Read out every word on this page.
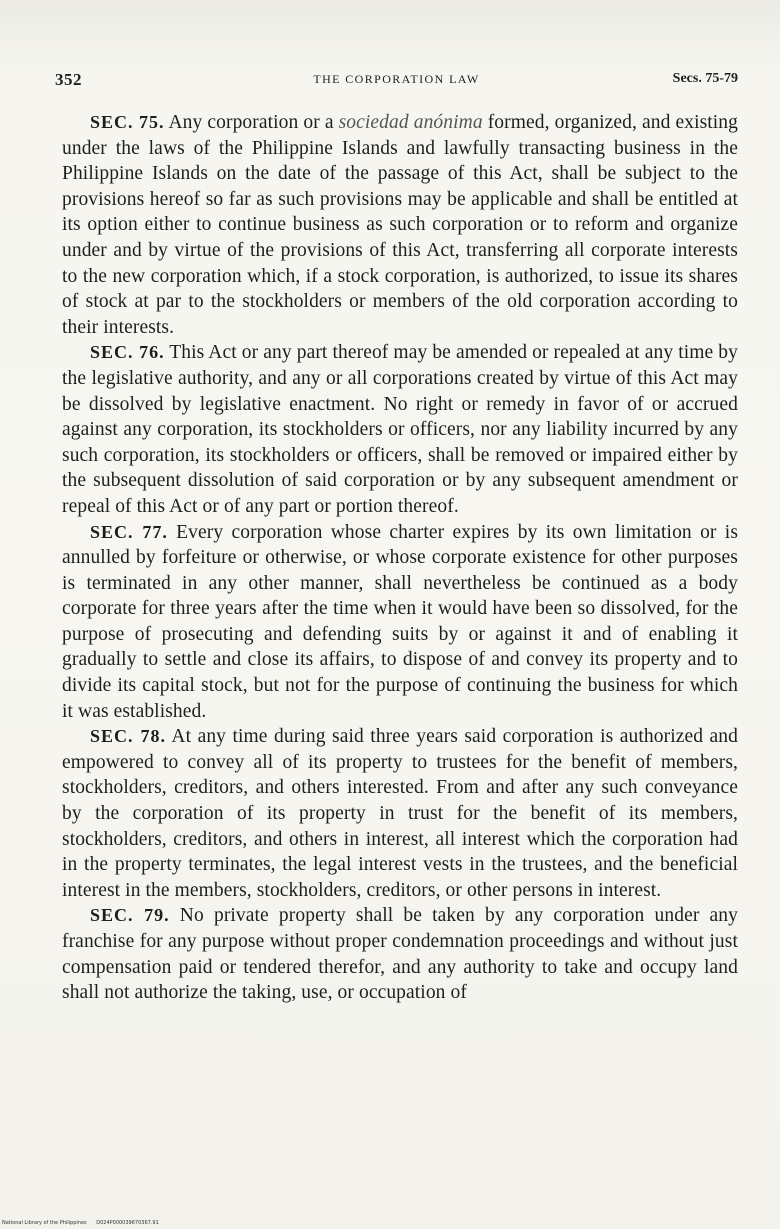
352	THE CORPORATION LAW	Secs. 75-79

SEC. 75. Any corporation or a sociedad anónima formed, organized, and existing under the laws of the Philippine Islands and lawfully transacting business in the Philippine Islands on the date of the passage of this Act, shall be subject to the provisions hereof so far as such provisions may be applicable and shall be entitled at its option either to continue business as such corporation or to reform and organize under and by virtue of the provisions of this Act, transferring all corporate interests to the new corporation which, if a stock corporation, is authorized, to issue its shares of stock at par to the stockholders or members of the old corporation according to their interests.

SEC. 76. This Act or any part thereof may be amended or repealed at any time by the legislative authority, and any or all corporations created by virtue of this Act may be dissolved by legislative enactment. No right or remedy in favor of or accrued against any corporation, its stockholders or officers, nor any liability incurred by any such corporation, its stockholders or officers, shall be removed or impaired either by the subsequent dissolution of said corporation or by any subsequent amendment or repeal of this Act or of any part or portion thereof.

SEC. 77. Every corporation whose charter expires by its own limitation or is annulled by forfeiture or otherwise, or whose corporate existence for other purposes is terminated in any other manner, shall nevertheless be continued as a body corporate for three years after the time when it would have been so dissolved, for the purpose of prosecuting and defending suits by or against it and of enabling it gradually to settle and close its affairs, to dispose of and convey its property and to divide its capital stock, but not for the purpose of continuing the business for which it was established.

SEC. 78. At any time during said three years said corporation is authorized and empowered to convey all of its property to trustees for the benefit of members, stockholders, creditors, and others interested. From and after any such conveyance by the corporation of its property in trust for the benefit of its members, stockholders, creditors, and others in interest, all interest which the corporation had in the property terminates, the legal interest vests in the trustees, and the beneficial interest in the members, stockholders, creditors, or other persons in interest.

SEC. 79. No private property shall be taken by any corporation under any franchise for any purpose without proper condemnation proceedings and without just compensation paid or tendered therefor, and any authority to take and occupy land shall not authorize the taking, use, or occupation of

National Library of the Philippines D024P000039670367.91
